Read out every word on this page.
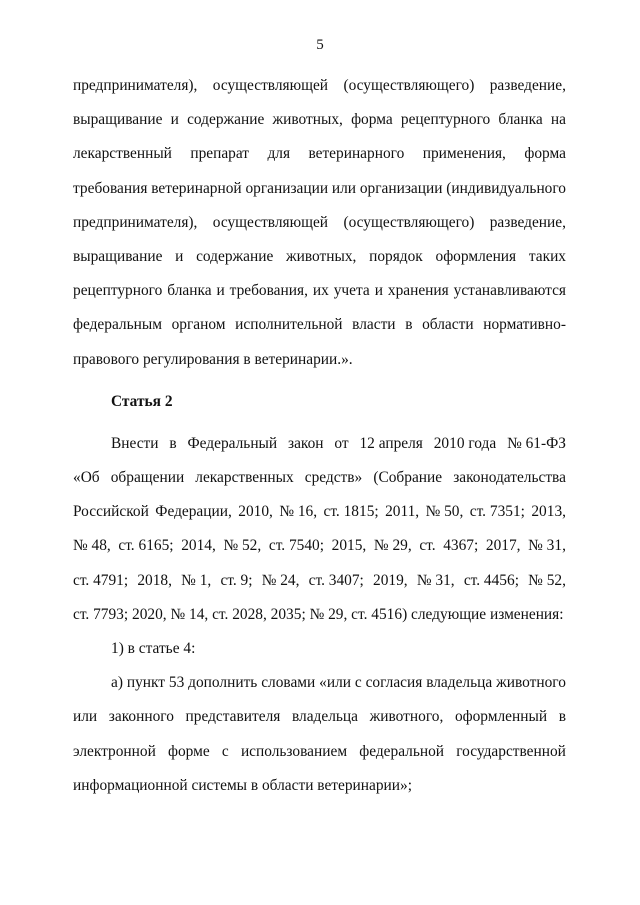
5
предпринимателя), осуществляющей (осуществляющего) разведение,
выращивание и содержание животных, форма рецептурного бланка на
лекарственный препарат для ветеринарного применения, форма
требования ветеринарной организации или организации (индивидуального
предпринимателя), осуществляющей (осуществляющего) разведение,
выращивание и содержание животных, порядок оформления таких
рецептурного бланка и требования, их учета и хранения устанавливаются
федеральным органом исполнительной власти в области нормативно-
правового регулирования в ветеринарии.».
Статья 2
Внести в Федеральный закон от 12 апреля 2010 года № 61-ФЗ
«Об обращении лекарственных средств» (Собрание законодательства
Российской Федерации, 2010, № 16, ст. 1815; 2011, № 50, ст. 7351; 2013,
№ 48, ст. 6165; 2014, № 52, ст. 7540; 2015, № 29, ст. 4367; 2017, № 31,
ст. 4791; 2018, № 1, ст. 9; № 24, ст. 3407; 2019, № 31, ст. 4456; № 52,
ст. 7793; 2020, № 14, ст. 2028, 2035; № 29, ст. 4516) следующие изменения:
1) в статье 4:
а) пункт 53 дополнить словами «или с согласия владельца животного
или законного представителя владельца животного, оформленный в
электронной форме с использованием федеральной государственной
информационной системы в области ветеринарии»;
